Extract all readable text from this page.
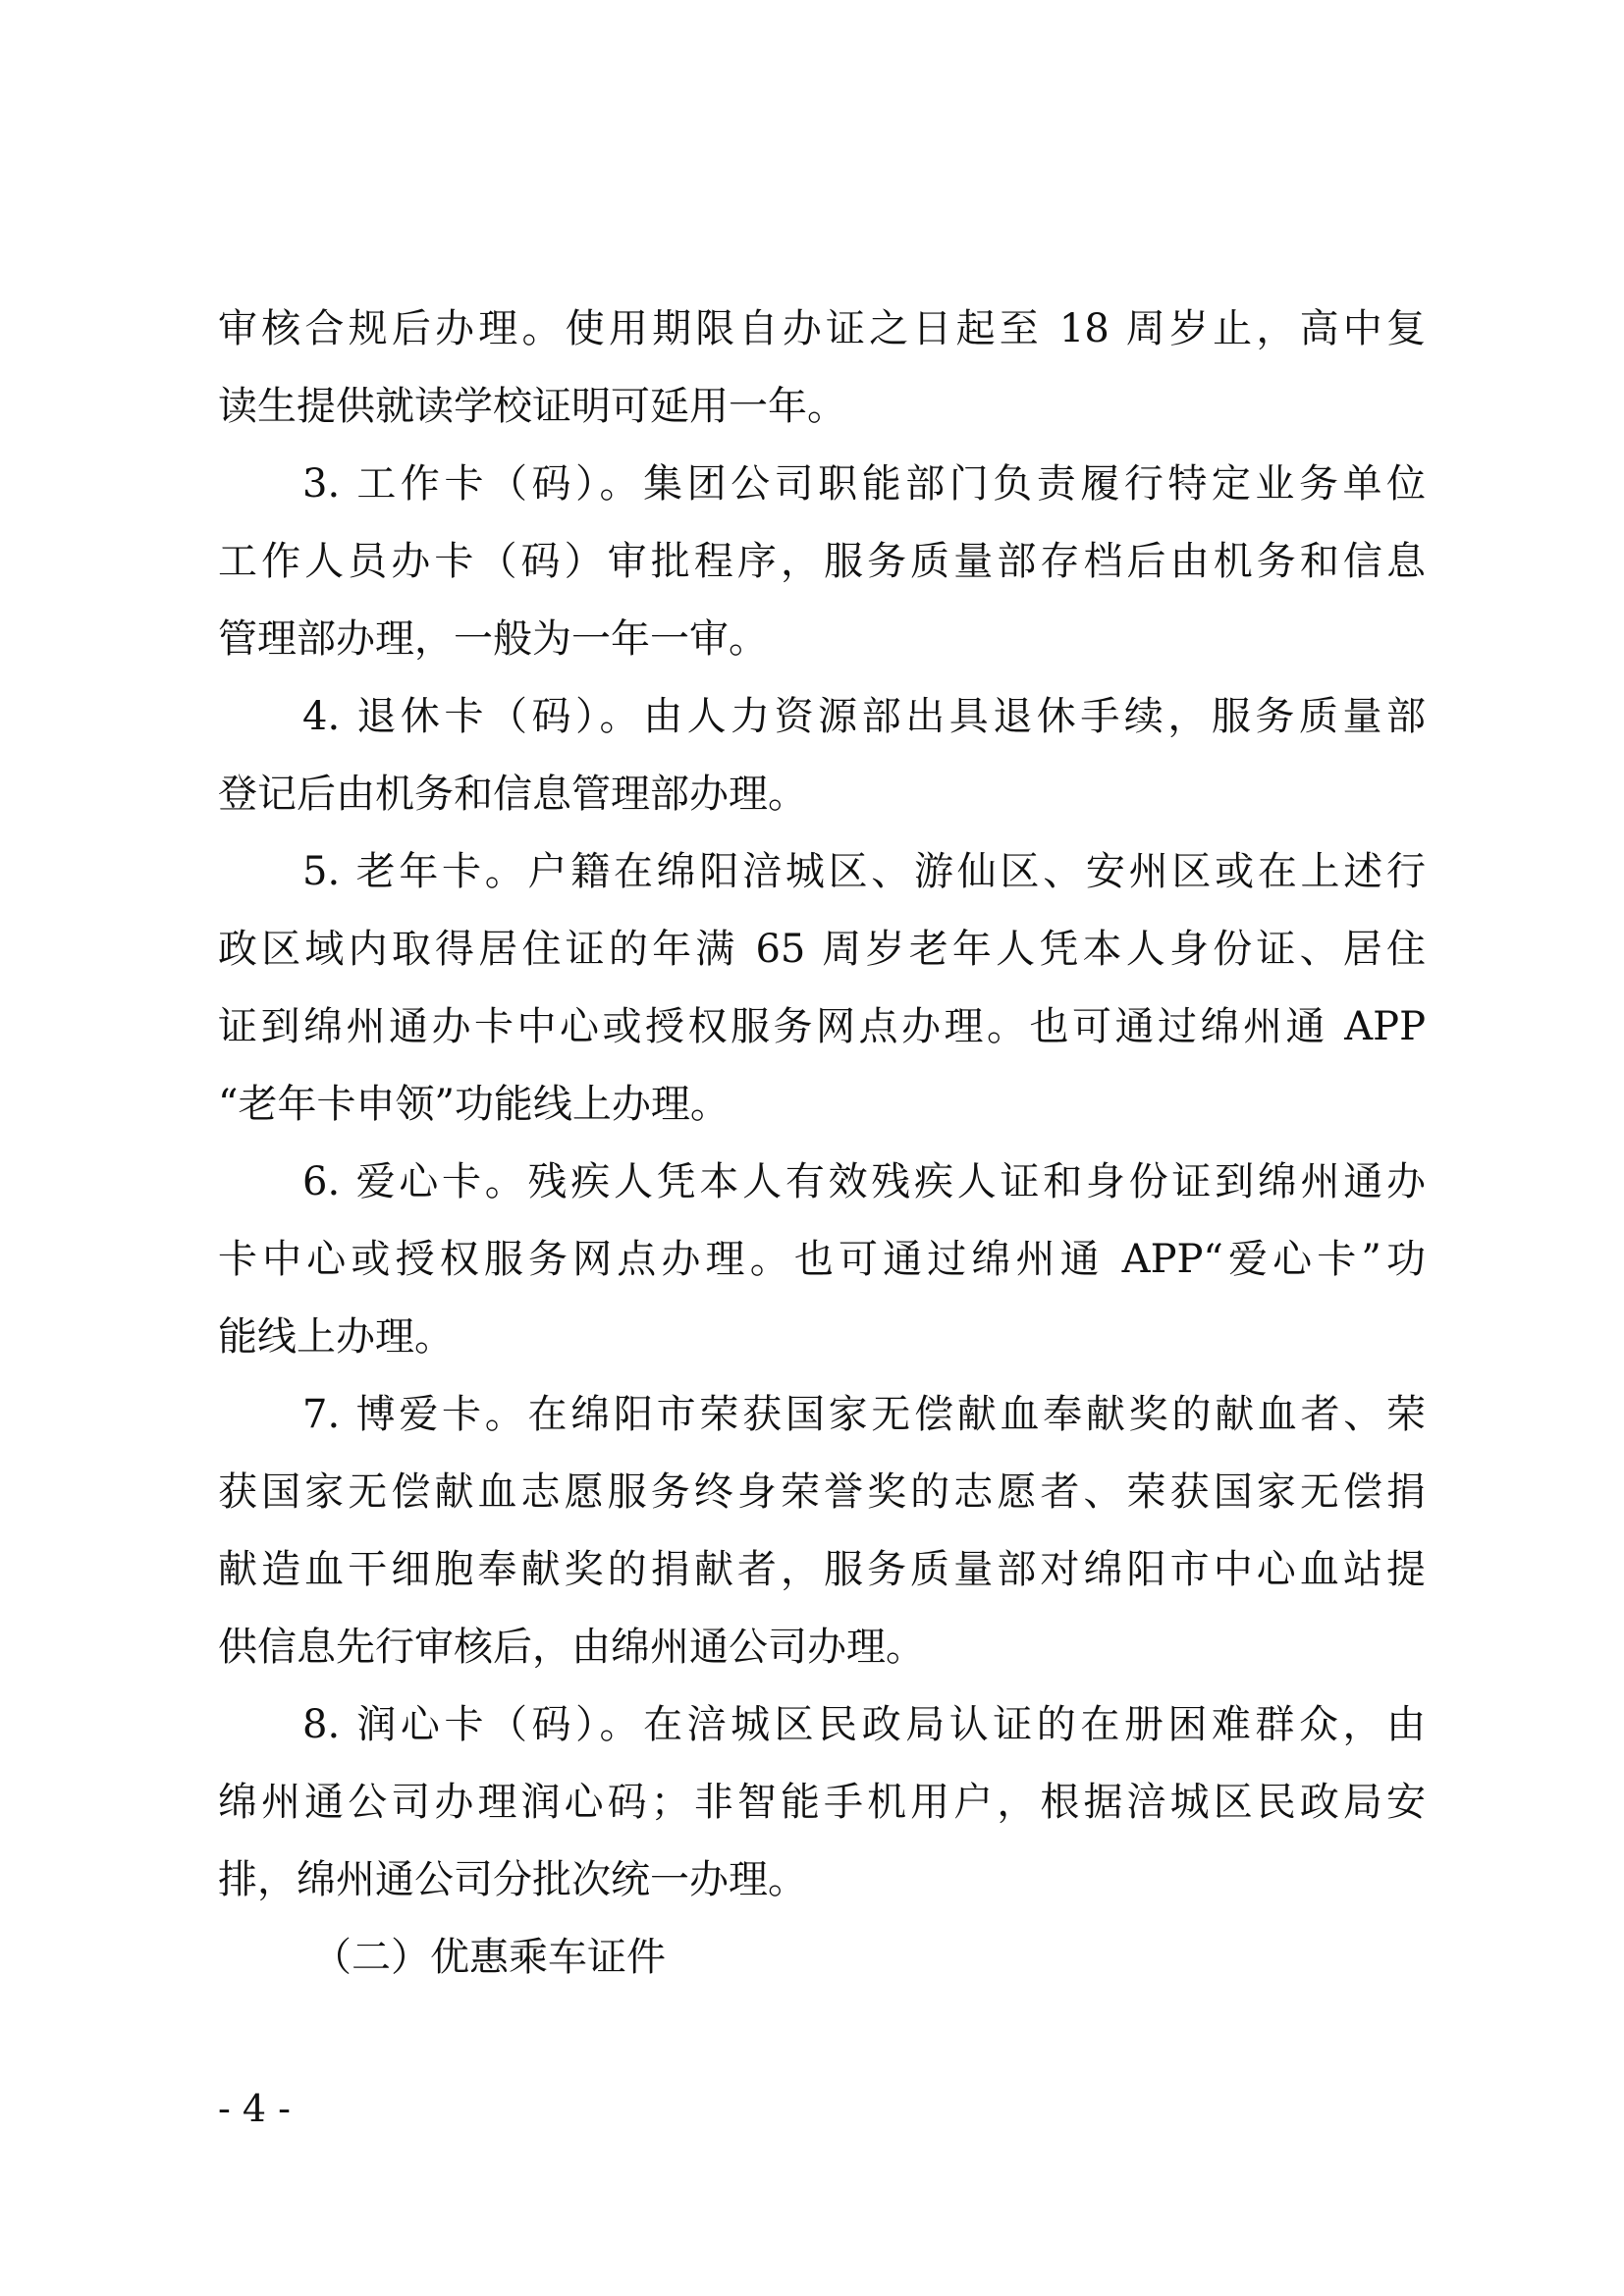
审核合规后办理。使用期限自办证之日起至 18 周岁止，高中复
读生提供就读学校证明可延用一年。
3. 工作卡（码）。集团公司职能部门负责履行特定业务单位
工作人员办卡（码）审批程序，服务质量部存档后由机务和信息
管理部办理，一般为一年一审。
4. 退休卡（码）。由人力资源部出具退休手续，服务质量部
登记后由机务和信息管理部办理。
5. 老年卡。户籍在绵阳涪城区、游仙区、安州区或在上述行
政区域内取得居住证的年满 65 周岁老年人凭本人身份证、居住
证到绵州通办卡中心或授权服务网点办理。也可通过绵州通 APP
“老年卡申领”功能线上办理。
6. 爱心卡。残疾人凭本人有效残疾人证和身份证到绵州通办
卡中心或授权服务网点办理。也可通过绵州通 APP“爱心卡”功
能线上办理。
7. 博爱卡。在绵阳市荣获国家无偿献血奉献奖的献血者、荣
获国家无偿献血志愿服务终身荣誉奖的志愿者、荣获国家无偿捐
献造血干细胞奉献奖的捐献者，服务质量部对绵阳市中心血站提
供信息先行审核后，由绵州通公司办理。
8. 润心卡（码）。在涪城区民政局认证的在册困难群众，由
绵州通公司办理润心码；非智能手机用户，根据涪城区民政局安
排，绵州通公司分批次统一办理。
（二）优惠乘车证件
- 4 -
